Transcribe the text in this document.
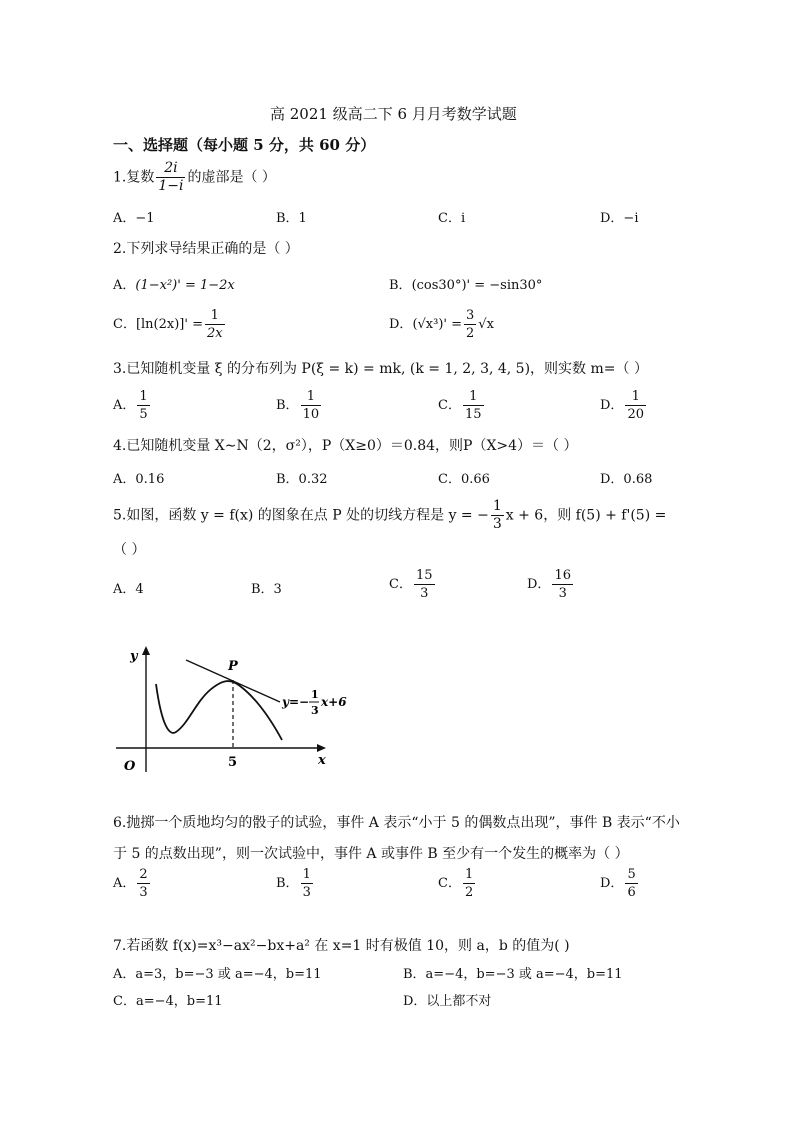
高 2021 级高二下 6 月月考数学试题
一、选择题（每小题 5 分，共 60 分）
1.复数 $\frac{2i}{1-i}$ 的虚部是（ ）
A．−1	B．1	C．i	D．−i
2.下列求导结果正确的是（ ）
A．(1−x²)' = 1−2x	B．(cos30°)' = −sin30°
C．$[\ln(2x)]' = \frac{1}{2x}$	D．$(√x^3)' = \frac{3}{2} √x$
3.已知随机变量 ξ 的分布列为 P(ξ = k) = mk, (k = 1, 2, 3, 4, 5)，则实数 m=（ ）
A． $\frac{1}{5}$	B． $\frac{1}{10}$	C． $\frac{1}{15}$	D． $\frac{1}{20}$
4.已知随机变量 X∼N（2，σ²），P（X≥0）＝0.84，则P（X>4）＝（ ）
A．0.16	B．0.32	C．0.66	D．0.68
5.如图，函数 y = f(x) 的图象在点 P 处的切线方程是 y = − $\frac{1}{3}$ x + 6，则 f(5) + f'(5) =
（ ）
A．4	B．3	C． $\frac{15}{3}$	D． $\frac{16}{3}$
y
x
O
P
5
y=−
1
3
x+6
6.抛掷一个质地均匀的骰子的试验，事件 A 表示“小于 5 的偶数点出现”，事件 B 表示“不小
于 5 的点数出现”，则一次试验中，事件 A 或事件 B 至少有一个发生的概率为（ ）
A． $\frac{2}{3}$	B． $\frac{1}{3}$	C． $\frac{1}{2}$	D． $\frac{5}{6}$
7.若函数 f(x)=x³−ax²−bx+a² 在 x=1 时有极值 10，则 a，b 的值为( )
A．a=3，b=−3 或 a=−4，b=11	B．a=−4，b=−3 或 a=−4，b=11
C．a=−4，b=11	D．以上都不对
